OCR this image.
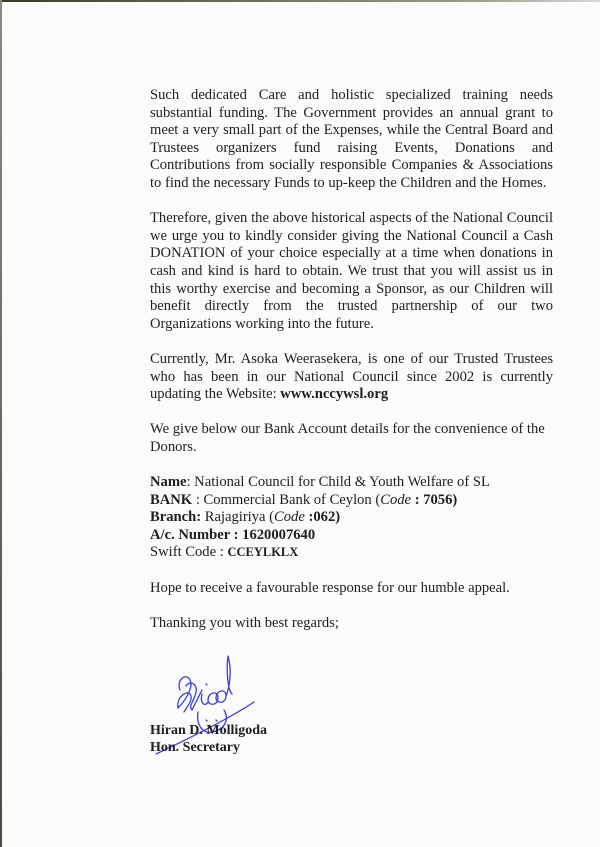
Such dedicated Care and holistic specialized training needs substantial funding. The Government provides an annual grant to meet a very small part of the Expenses, while the Central Board and Trustees organizers fund raising Events, Donations and Contributions from socially responsible Companies & Associations to find the necessary Funds to up-keep the Children and the Homes.

Therefore, given the above historical aspects of the National Council we urge you to kindly consider giving the National Council a Cash DONATION of your choice especially at a time when donations in cash and kind is hard to obtain. We trust that you will assist us in this worthy exercise and becoming a Sponsor, as our Children will benefit directly from the trusted partnership of our two Organizations working into the future.

Currently, Mr. Asoka Weerasekera, is one of our Trusted Trustees who has been in our National Council since 2002 is currently updating the Website: www.nccywsl.org

We give below our Bank Account details for the convenience of the Donors.

Name: National Council for Child & Youth Welfare of SL
BANK : Commercial Bank of Ceylon (Code : 7056)
Branch: Rajagiriya (Code :062)
A/c. Number : 1620007640
Swift Code : CCEYLKLX

Hope to receive a favourable response for our humble appeal.

Thanking you with best regards;

Hiran D. Molligoda
Hon. Secretary
